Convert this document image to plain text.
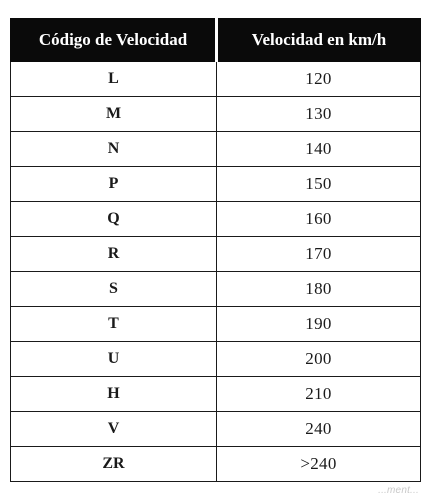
Código de Velocidad	Velocidad en km/h
L	120
M	130
N	140
P	150
Q	160
R	170
S	180
T	190
U	200
H	210
V	240
ZR	>240
...ment...
